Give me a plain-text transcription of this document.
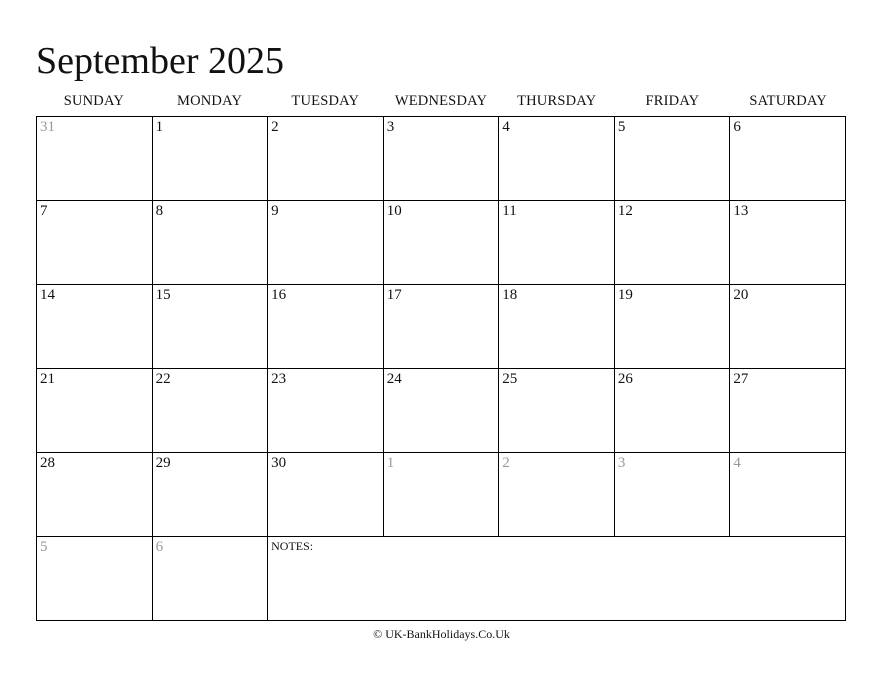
September 2025
SUNDAY	MONDAY	TUESDAY	WEDNESDAY	THURSDAY	FRIDAY	SATURDAY
31	1	2	3	4	5	6
7	8	9	10	11	12	13
14	15	16	17	18	19	20
21	22	23	24	25	26	27
28	29	30	1	2	3	4
5	6	NOTES:
© UK-BankHolidays.Co.Uk
